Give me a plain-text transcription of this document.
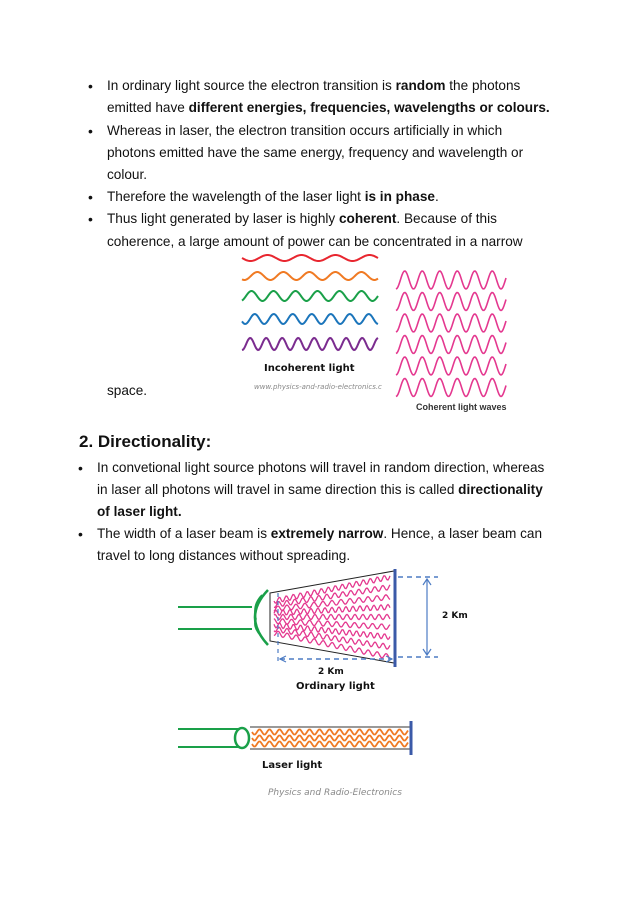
• In ordinary light source the electron transition is random the photons
emitted have different energies, frequencies, wavelengths or colours.
• Whereas in laser, the electron transition occurs artificially in which
photons emitted have the same energy, frequency and wavelength or
colour.
• Therefore the wavelength of the laser light is in phase.
• Thus light generated by laser is highly coherent. Because of this
coherence, a large amount of power can be concentrated in a narrow
Incoherent light
www.physics-and-radio-electronics.c
Coherent light waves
space.
2. Directionality:
• In convetional light source photons will travel in random direction, whereas
in laser all photons will travel in same direction this is called directionality
of laser light.
• The width of a laser beam is extremely narrow. Hence, a laser beam can
travel to long distances without spreading.
2 Km
2 Km
Ordinary light
Laser light
Physics and Radio-Electronics
